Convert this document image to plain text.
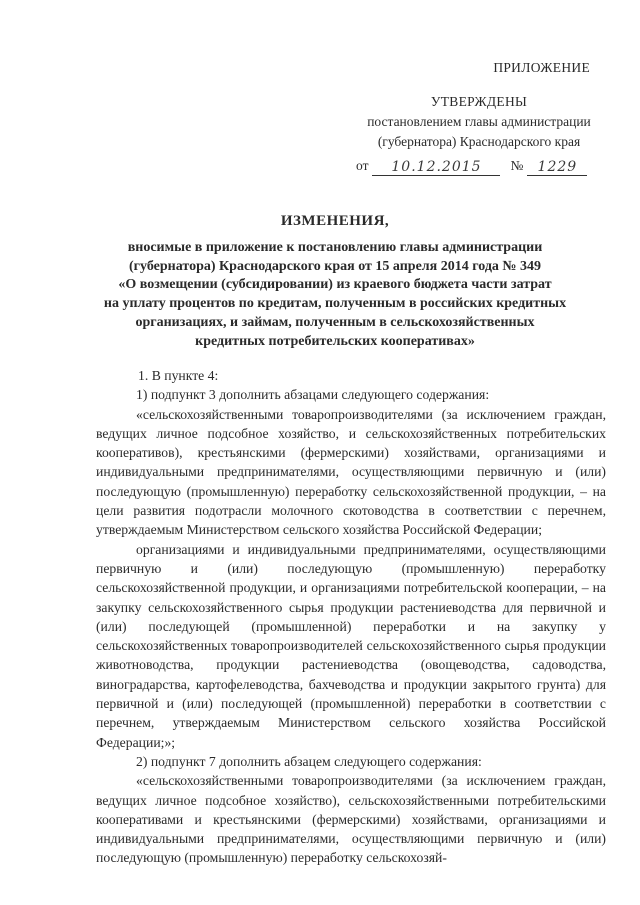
ПРИЛОЖЕНИЕ
УТВЕРЖДЕНЫ
постановлением главы администрации
(губернатора) Краснодарского края
от	10.12.2015	№	1229
ИЗМЕНЕНИЯ,
вносимые в приложение к постановлению главы администрации
(губернатора) Краснодарского края от 15 апреля 2014 года № 349
«О возмещении (субсидировании) из краевого бюджета части затрат
на уплату процентов по кредитам, полученным в российских кредитных
организациях, и займам, полученным в сельскохозяйственных
кредитных потребительских кооперативах»

1. В пункте 4:

1) подпункт 3 дополнить абзацами следующего содержания:

«сельскохозяйственными товаропроизводителями (за исключением граждан, ведущих личное подсобное хозяйство, и сельскохозяйственных потребительских кооперативов), крестьянскими (фермерскими) хозяйствами, организациями и индивидуальными предпринимателями, осуществляющими первичную и (или) последующую (промышленную) переработку сельскохозяйственной продукции, – на цели развития подотрасли молочного скотоводства в соответствии с перечнем, утверждаемым Министерством сельского хозяйства Российской Федерации;

организациями и индивидуальными предпринимателями, осуществляющими первичную и (или) последующую (промышленную) переработку сельскохозяйственной продукции, и организациями потребительской кооперации, – на закупку сельскохозяйственного сырья продукции растениеводства для первичной и (или) последующей (промышленной) переработки и на закупку у сельскохозяйственных товаропроизводителей сельскохозяйственного сырья продукции животноводства, продукции растениеводства (овощеводства, садоводства, виноградарства, картофелеводства, бахчеводства и продукции закрытого грунта) для первичной и (или) последующей (промышленной) переработки в соответствии с перечнем, утверждаемым Министерством сельского хозяйства Российской Федерации;»;

2) подпункт 7 дополнить абзацем следующего содержания:

«сельскохозяйственными товаропроизводителями (за исключением граждан, ведущих личное подсобное хозяйство), сельскохозяйственными потребительскими кооперативами и крестьянскими (фермерскими) хозяйствами, организациями и индивидуальными предпринимателями, осуществляющими первичную и (или) последующую (промышленную) переработку сельскохозяй-
